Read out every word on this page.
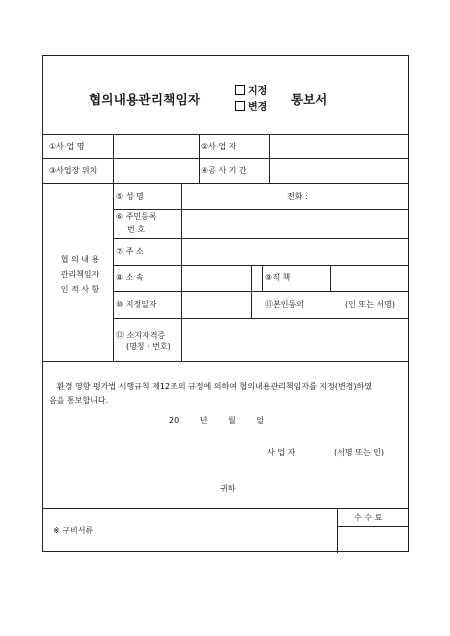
협의내용관리책임자
지정
변경
통보서
①사 업 명	②사 업 자
③사업장 위치	④공 사 기 간
협 의 내 용
관리책임자
인 적 사 항
⑤ 성 명	전화 :
⑥ 주민등록
번 호
⑦ 주 소
⑧ 소 속	⑨직 책
⑩ 지정일자	⑪본인동의	(인 또는 서명)
⑫ 소지자격증
(명칭 · 번호)
환경 영향 평가법 시행규칙 제12조의 규정에 의하여 협의내용관리책임자를 지정(변경)하였
음을 통보합니다.
20 년 월 일
사 업 자	(서명 또는 인)
귀하
※ 구비서류
수 수 료
